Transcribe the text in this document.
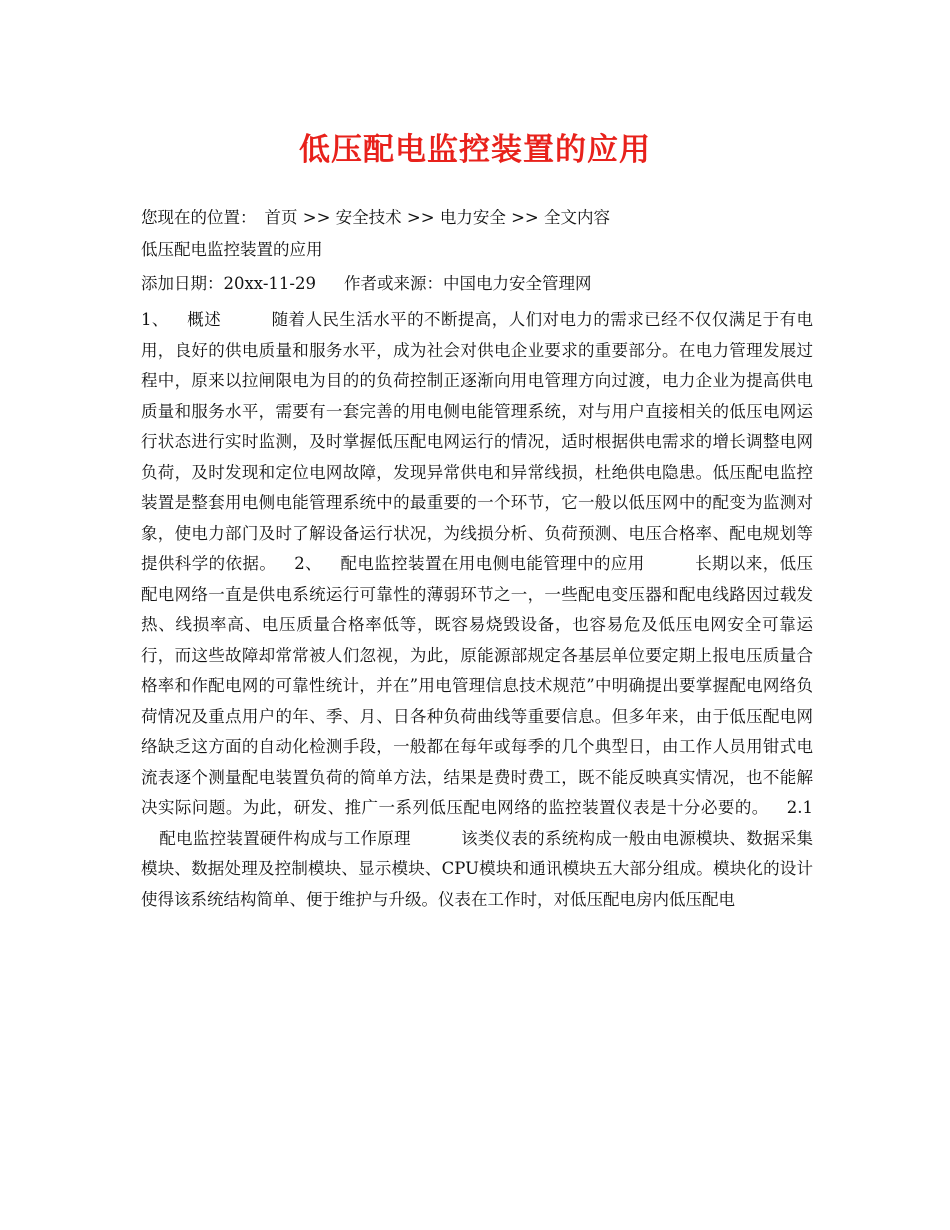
低压配电监控装置的应用
您现在的位置： 首页 >> 安全技术 >> 电力安全 >> 全文内容
低压配电监控装置的应用
添加日期：20xx-11-29 作者或来源：中国电力安全管理网

1、 概述	随着人民生活水平的不断提高，人们对电力的需求已经不仅仅满足于有电用，良好的供电质量和服务水平，成为社会对供电企业要求的重要部分。在电力管理发展过程中，原来以拉闸限电为目的的负荷控制正逐渐向用电管理方向过渡，电力企业为提高供电质量和服务水平，需要有一套完善的用电侧电能管理系统，对与用户直接相关的低压电网运行状态进行实时监测，及时掌握低压配电网运行的情况，适时根据供电需求的增长调整电网负荷，及时发现和定位电网故障，发现异常供电和异常线损，杜绝供电隐患。低压配电监控装置是整套用电侧电能管理系统中的最重要的一个环节，它一般以低压网中的配变为监测对象，使电力部门及时了解设备运行状况，为线损分析、负荷预测、电压合格率、配电规划等提供科学的依据。 2、 配电监控装置在用电侧电能管理中的应用	长期以来，低压配电网络一直是供电系统运行可靠性的薄弱环节之一，一些配电变压器和配电线路因过载发热、线损率高、电压质量合格率低等，既容易烧毁设备，也容易危及低压电网安全可靠运行，而这些故障却常常被人们忽视，为此，原能源部规定各基层单位要定期上报电压质量合格率和作配电网的可靠性统计，并在”用电管理信息技术规范”中明确提出要掌握配电网络负荷情况及重点用户的年、季、月、日各种负荷曲线等重要信息。但多年来，由于低压配电网络缺乏这方面的自动化检测手段，一般都在每年或每季的几个典型日，由工作人员用钳式电流表逐个测量配电装置负荷的简单方法，结果是费时费工，既不能反映真实情况，也不能解决实际问题。为此，研发、推广一系列低压配电网络的监控装置仪表是十分必要的。 2.1配电监控装置硬件构成与工作原理	该类仪表的系统构成一般由电源模块、数据采集模块、数据处理及控制模块、显示模块、CPU模块和通讯模块五大部分组成。模块化的设计使得该系统结构简单、便于维护与升级。仪表在工作时，对低压配电房内低压配电
